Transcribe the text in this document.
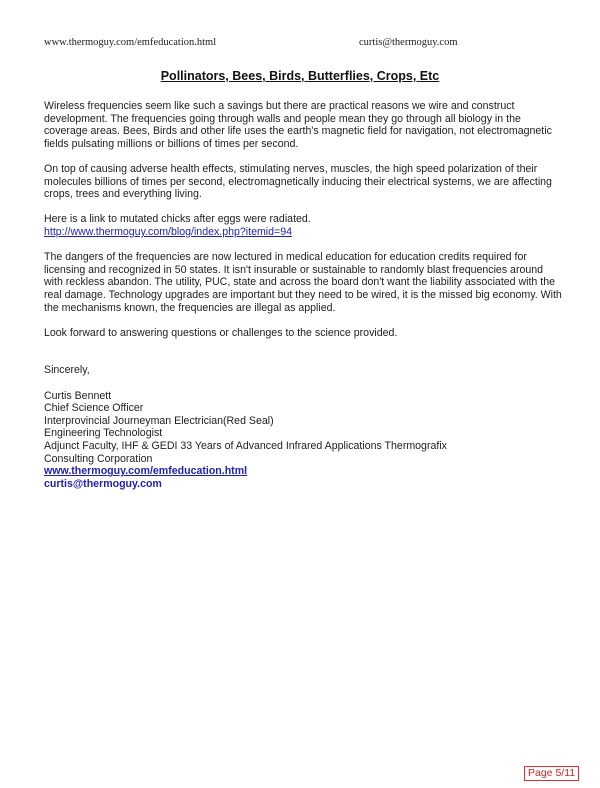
www.thermoguy.com/emfeducation.html	curtis@thermoguy.com
Pollinators, Bees, Birds, Butterflies, Crops, Etc

Wireless frequencies seem like such a savings but there are practical reasons we wire and construct development. The frequencies going through walls and people mean they go through all biology in the coverage areas. Bees, Birds and other life uses the earth's magnetic field for navigation, not electromagnetic fields pulsating millions or billions of times per second.

On top of causing adverse health effects, stimulating nerves, muscles, the high speed polarization of their molecules billions of times per second, electromagnetically inducing their electrical systems, we are affecting crops, trees and everything living.

Here is a link to mutated chicks after eggs were radiated.
http://www.thermoguy.com/blog/index.php?itemid=94

The dangers of the frequencies are now lectured in medical education for education credits required for licensing and recognized in 50 states. It isn't insurable or sustainable to randomly blast frequencies around with reckless abandon. The utility, PUC, state and across the board don't want the liability associated with the real damage. Technology upgrades are important but they need to be wired, it is the missed big economy. With the mechanisms known, the frequencies are illegal as applied.

Look forward to answering questions or challenges to the science provided.

Sincerely,

Curtis Bennett
Chief Science Officer
Interprovincial Journeyman Electrician(Red Seal)
Engineering Technologist
Adjunct Faculty, IHF & GEDI 33 Years of Advanced Infrared Applications Thermografix
Consulting Corporation
www.thermoguy.com/emfeducation.html
curtis@thermoguy.com
Page 5/11
